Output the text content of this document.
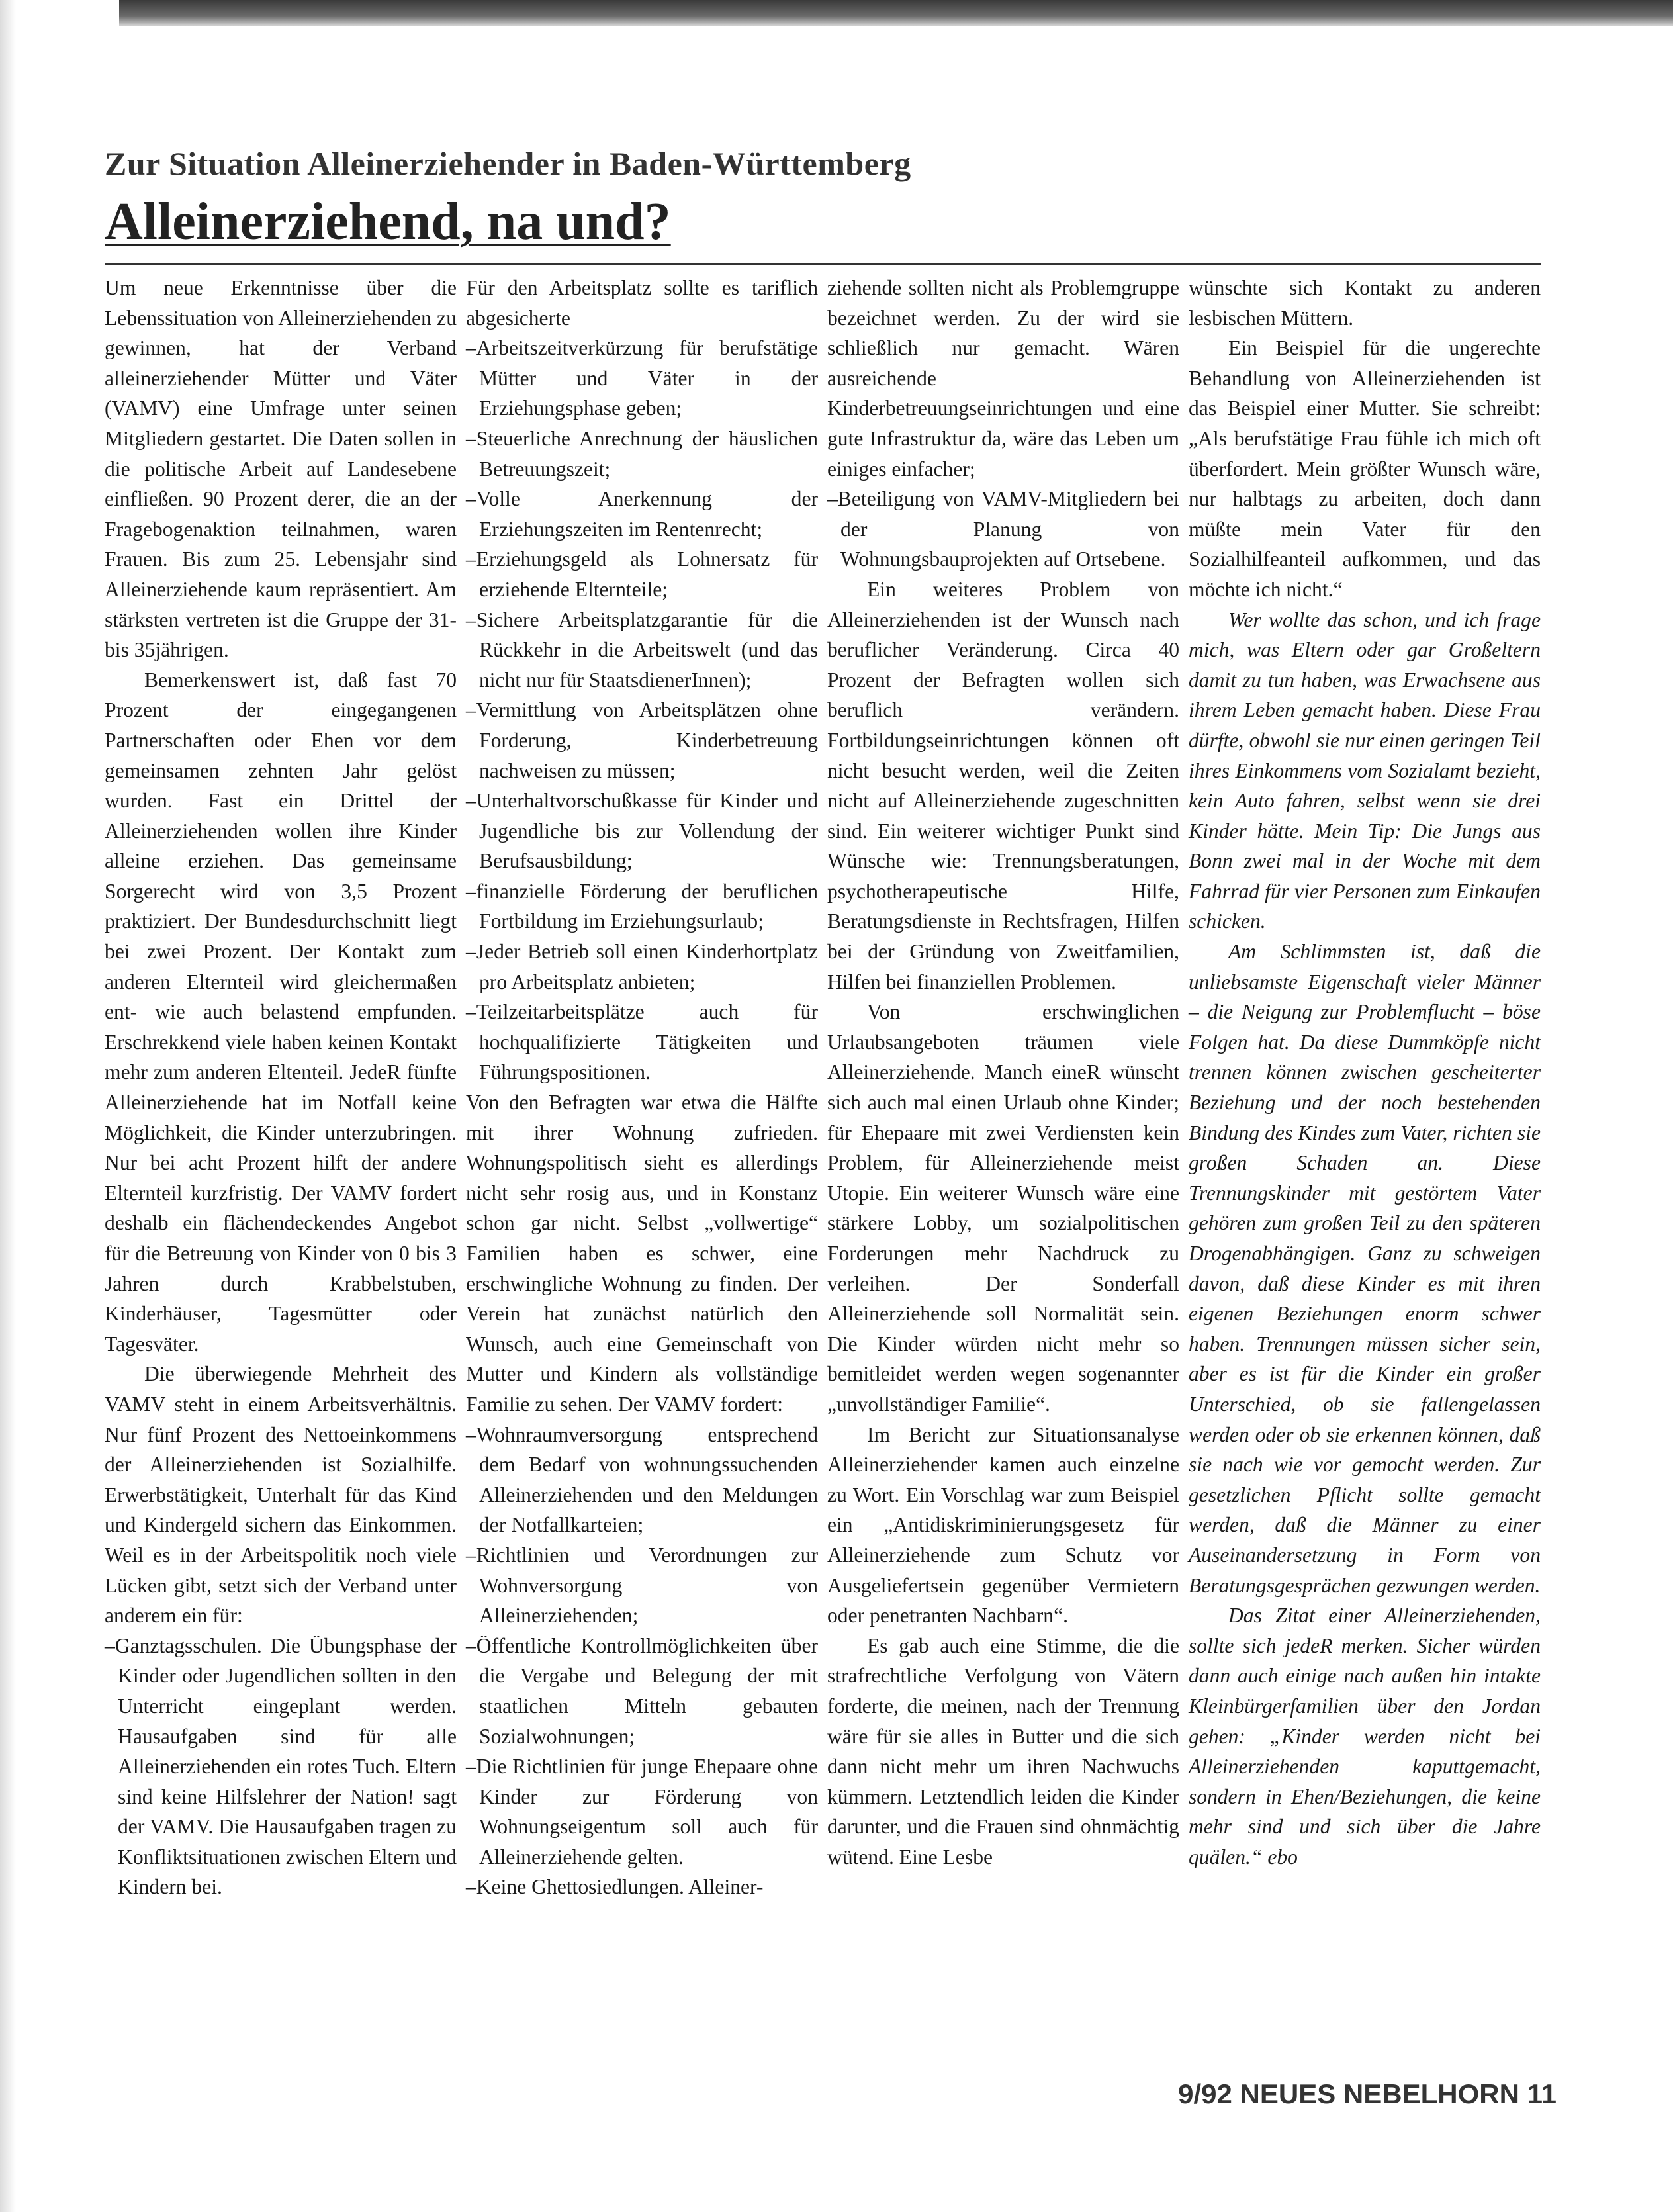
Zur Situation Alleinerziehender in Baden-Württemberg
Alleinerziehend, na und?

Um neue Erkenntnisse über die Lebenssituation von Alleinerziehenden zu gewinnen, hat der Verband alleinerziehender Mütter und Väter (VAMV) eine Umfrage unter seinen Mitgliedern gestartet. Die Daten sollen in die politische Arbeit auf Landesebene einfließen. 90 Prozent derer, die an der Fragebogenaktion teilnahmen, waren Frauen. Bis zum 25. Lebensjahr sind Alleinerziehende kaum repräsentiert. Am stärksten vertreten ist die Gruppe der 31- bis 35jährigen.

Bemerkenswert ist, daß fast 70 Prozent der eingegangenen Partnerschaften oder Ehen vor dem gemeinsamen zehnten Jahr gelöst wurden. Fast ein Drittel der Alleinerziehenden wollen ihre Kinder alleine erziehen. Das gemeinsame Sorgerecht wird von 3,5 Prozent praktiziert. Der Bundesdurchschnitt liegt bei zwei Prozent. Der Kontakt zum anderen Elternteil wird gleichermaßen ent- wie auch belastend empfunden. Erschrekkend viele haben keinen Kontakt mehr zum anderen Eltenteil. JedeR fünfte Alleinerziehende hat im Notfall keine Möglichkeit, die Kinder unterzubringen. Nur bei acht Prozent hilft der andere Elternteil kurzfristig. Der VAMV fordert deshalb ein flächendeckendes Angebot für die Betreuung von Kinder von 0 bis 3 Jahren durch Krabbelstuben, Kinderhäuser, Tagesmütter oder Tagesväter.

Die überwiegende Mehrheit des VAMV steht in einem Arbeitsverhältnis. Nur fünf Prozent des Nettoeinkommens der Alleinerziehenden ist Sozialhilfe. Erwerbstätigkeit, Unterhalt für das Kind und Kindergeld sichern das Einkommen. Weil es in der Arbeitspolitik noch viele Lücken gibt, setzt sich der Verband unter anderem ein für:

–Ganztagsschulen. Die Übungsphase der Kinder oder Jugendlichen sollten in den Unterricht eingeplant werden. Hausaufgaben sind für alle Alleinerziehenden ein rotes Tuch. Eltern sind keine Hilfslehrer der Nation! sagt der VAMV. Die Hausaufgaben tragen zu Konfliktsituationen zwischen Eltern und Kindern bei.

Für den Arbeitsplatz sollte es tariflich abgesicherte

–Arbeitszeitverkürzung für berufstätige Mütter und Väter in der Erziehungsphase geben;

–Steuerliche Anrechnung der häuslichen Betreuungszeit;

–Volle Anerkennung der Erziehungszeiten im Rentenrecht;

–Erziehungsgeld als Lohnersatz für erziehende Elternteile;

–Sichere Arbeitsplatzgarantie für die Rückkehr in die Arbeitswelt (und das nicht nur für StaatsdienerInnen);

–Vermittlung von Arbeitsplätzen ohne Forderung, Kinderbetreuung nachweisen zu müssen;

–Unterhaltvorschußkasse für Kinder und Jugendliche bis zur Vollendung der Berufsausbildung;

–finanzielle Förderung der beruflichen Fortbildung im Erziehungsurlaub;

–Jeder Betrieb soll einen Kinderhortplatz pro Arbeitsplatz anbieten;

–Teilzeitarbeitsplätze auch für hochqualifizierte Tätigkeiten und Führungspositionen.

Von den Befragten war etwa die Hälfte mit ihrer Wohnung zufrieden. Wohnungspolitisch sieht es allerdings nicht sehr rosig aus, und in Konstanz schon gar nicht. Selbst „vollwertige“ Familien haben es schwer, eine erschwingliche Wohnung zu finden. Der Verein hat zunächst natürlich den Wunsch, auch eine Gemeinschaft von Mutter und Kindern als vollständige Familie zu sehen. Der VAMV fordert:

–Wohnraumversorgung entsprechend dem Bedarf von wohnungssuchenden Alleinerziehenden und den Meldungen der Notfallkarteien;

–Richtlinien und Verordnungen zur Wohnversorgung von Alleinerziehenden;

–Öffentliche Kontrollmöglichkeiten über die Vergabe und Belegung der mit staatlichen Mitteln gebauten Sozialwohnungen;

–Die Richtlinien für junge Ehepaare ohne Kinder zur Förderung von Wohnungseigentum soll auch für Alleinerziehende gelten.

–Keine Ghettosiedlungen. Alleiner-

ziehende sollten nicht als Problemgruppe bezeichnet werden. Zu der wird sie schließlich nur gemacht. Wären ausreichende Kinderbetreuungseinrichtungen und eine gute Infrastruktur da, wäre das Leben um einiges einfacher;

–Beteiligung von VAMV-Mitgliedern bei der Planung von Wohnungsbauprojekten auf Ortsebene.

Ein weiteres Problem von Alleinerziehenden ist der Wunsch nach beruflicher Veränderung. Circa 40 Prozent der Befragten wollen sich beruflich verändern. Fortbildungseinrichtungen können oft nicht besucht werden, weil die Zeiten nicht auf Alleinerziehende zugeschnitten sind. Ein weiterer wichtiger Punkt sind Wünsche wie: Trennungsberatungen, psychotherapeutische Hilfe, Beratungsdienste in Rechtsfragen, Hilfen bei der Gründung von Zweitfamilien, Hilfen bei finanziellen Problemen.

Von erschwinglichen Urlaubsangeboten träumen viele Alleinerziehende. Manch eineR wünscht sich auch mal einen Urlaub ohne Kinder; für Ehepaare mit zwei Verdiensten kein Problem, für Alleinerziehende meist Utopie. Ein weiterer Wunsch wäre eine stärkere Lobby, um sozialpolitischen Forderungen mehr Nachdruck zu verleihen. Der Sonderfall Alleinerziehende soll Normalität sein. Die Kinder würden nicht mehr so bemitleidet werden wegen sogenannter „unvollständiger Familie“.

Im Bericht zur Situationsanalyse Alleinerziehender kamen auch einzelne zu Wort. Ein Vorschlag war zum Beispiel ein „Antidiskriminierungsgesetz für Alleinerziehende zum Schutz vor Ausgeliefertsein gegenüber Vermietern oder penetranten Nachbarn“.

Es gab auch eine Stimme, die die strafrechtliche Verfolgung von Vätern forderte, die meinen, nach der Trennung wäre für sie alles in Butter und die sich dann nicht mehr um ihren Nachwuchs kümmern. Letztendlich leiden die Kinder darunter, und die Frauen sind ohnmächtig wütend. Eine Lesbe

wünschte sich Kontakt zu anderen lesbischen Müttern.

Ein Beispiel für die ungerechte Behandlung von Alleinerziehenden ist das Beispiel einer Mutter. Sie schreibt: „Als berufstätige Frau fühle ich mich oft überfordert. Mein größter Wunsch wäre, nur halbtags zu arbeiten, doch dann müßte mein Vater für den Sozialhilfeanteil aufkommen, und das möchte ich nicht.“

Wer wollte das schon, und ich frage mich, was Eltern oder gar Großeltern damit zu tun haben, was Erwachsene aus ihrem Leben gemacht haben. Diese Frau dürfte, obwohl sie nur einen geringen Teil ihres Einkommens vom Sozialamt bezieht, kein Auto fahren, selbst wenn sie drei Kinder hätte. Mein Tip: Die Jungs aus Bonn zwei mal in der Woche mit dem Fahrrad für vier Personen zum Einkaufen schicken.

Am Schlimmsten ist, daß die unliebsamste Eigenschaft vieler Männer – die Neigung zur Problemflucht – böse Folgen hat. Da diese Dummköpfe nicht trennen können zwischen gescheiterter Beziehung und der noch bestehenden Bindung des Kindes zum Vater, richten sie großen Schaden an. Diese Trennungskinder mit gestörtem Vater gehören zum großen Teil zu den späteren Drogenabhängigen. Ganz zu schweigen davon, daß diese Kinder es mit ihren eigenen Beziehungen enorm schwer haben. Trennungen müssen sicher sein, aber es ist für die Kinder ein großer Unterschied, ob sie fallengelassen werden oder ob sie erkennen können, daß sie nach wie vor gemocht werden. Zur gesetzlichen Pflicht sollte gemacht werden, daß die Männer zu einer Auseinandersetzung in Form von Beratungsgesprächen gezwungen werden.

Das Zitat einer Alleinerziehenden, sollte sich jedeR merken. Sicher würden dann auch einige nach außen hin intakte Kleinbürgerfamilien über den Jordan gehen: „Kinder werden nicht bei Alleinerziehenden kaputtgemacht, sondern in Ehen/Beziehungen, die keine mehr sind und sich über die Jahre quälen.“ ebo

9/92 NEUES NEBELHORN 11
